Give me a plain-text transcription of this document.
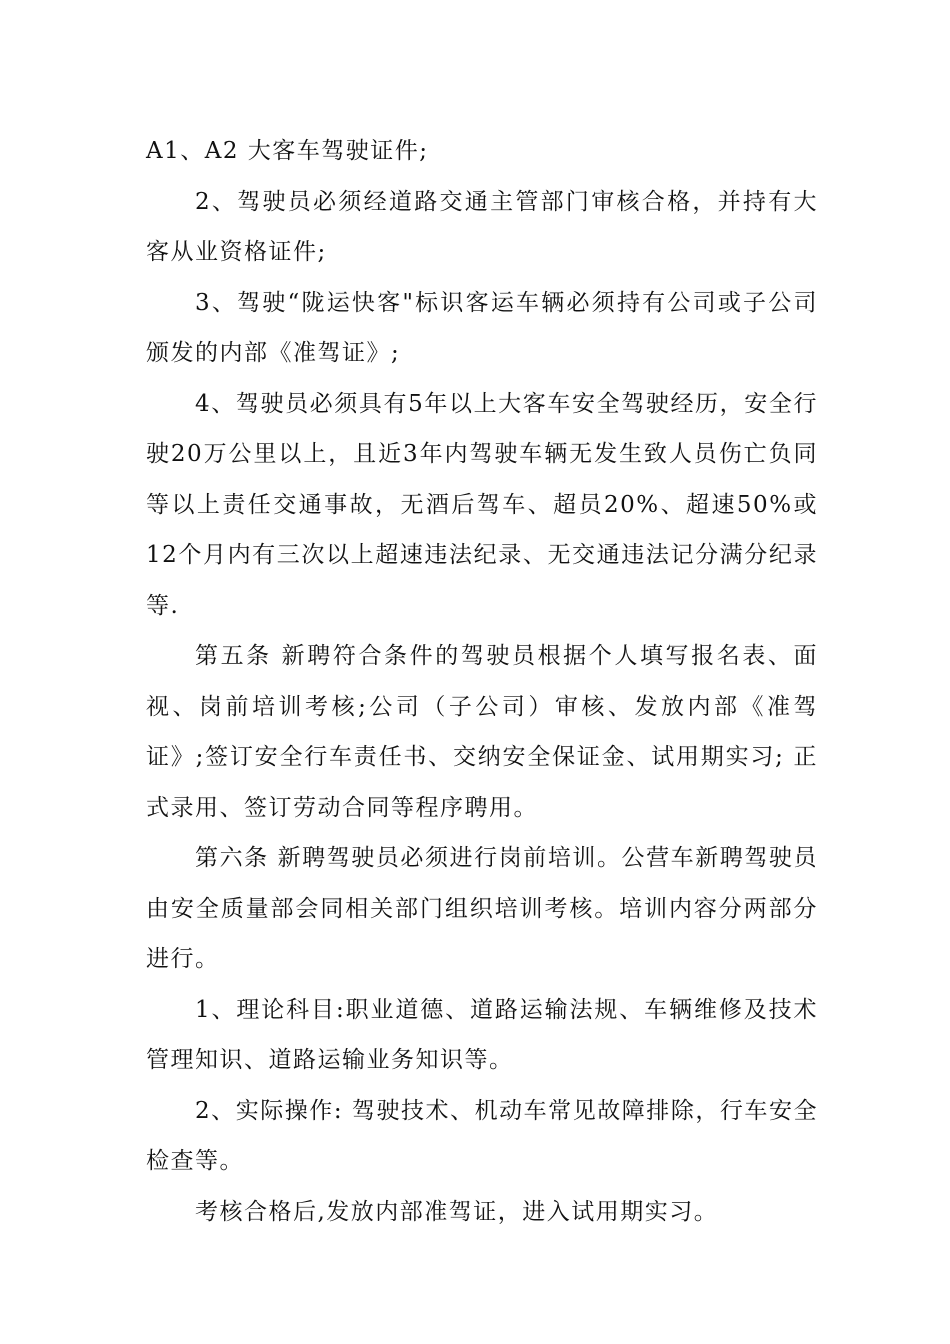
A1、A2 大客车驾驶证件;

2、驾驶员必须经道路交通主管部门审核合格，并持有大客从业资格证件;

3、驾驶“陇运快客"标识客运车辆必须持有公司或子公司颁发的内部《准驾证》;

4、驾驶员必须具有5年以上大客车安全驾驶经历，安全行驶20万公里以上，且近3年内驾驶车辆无发生致人员伤亡负同等以上责任交通事故，无酒后驾车、超员20%、超速50%或12个月内有三次以上超速违法纪录、无交通违法记分满分纪录等.

第五条 新聘符合条件的驾驶员根据个人填写报名表、面视、岗前培训考核;公司（子公司）审核、发放内部《准驾证》;签订安全行车责任书、交纳安全保证金、试用期实习; 正式录用、签订劳动合同等程序聘用。

第六条 新聘驾驶员必须进行岗前培训。公营车新聘驾驶员由安全质量部会同相关部门组织培训考核。培训内容分两部分进行。

1、理论科目:职业道德、道路运输法规、车辆维修及技术管理知识、道路运输业务知识等。

2、实际操作: 驾驶技术、机动车常见故障排除，行车安全检查等。

考核合格后,发放内部准驾证，进入试用期实习。
